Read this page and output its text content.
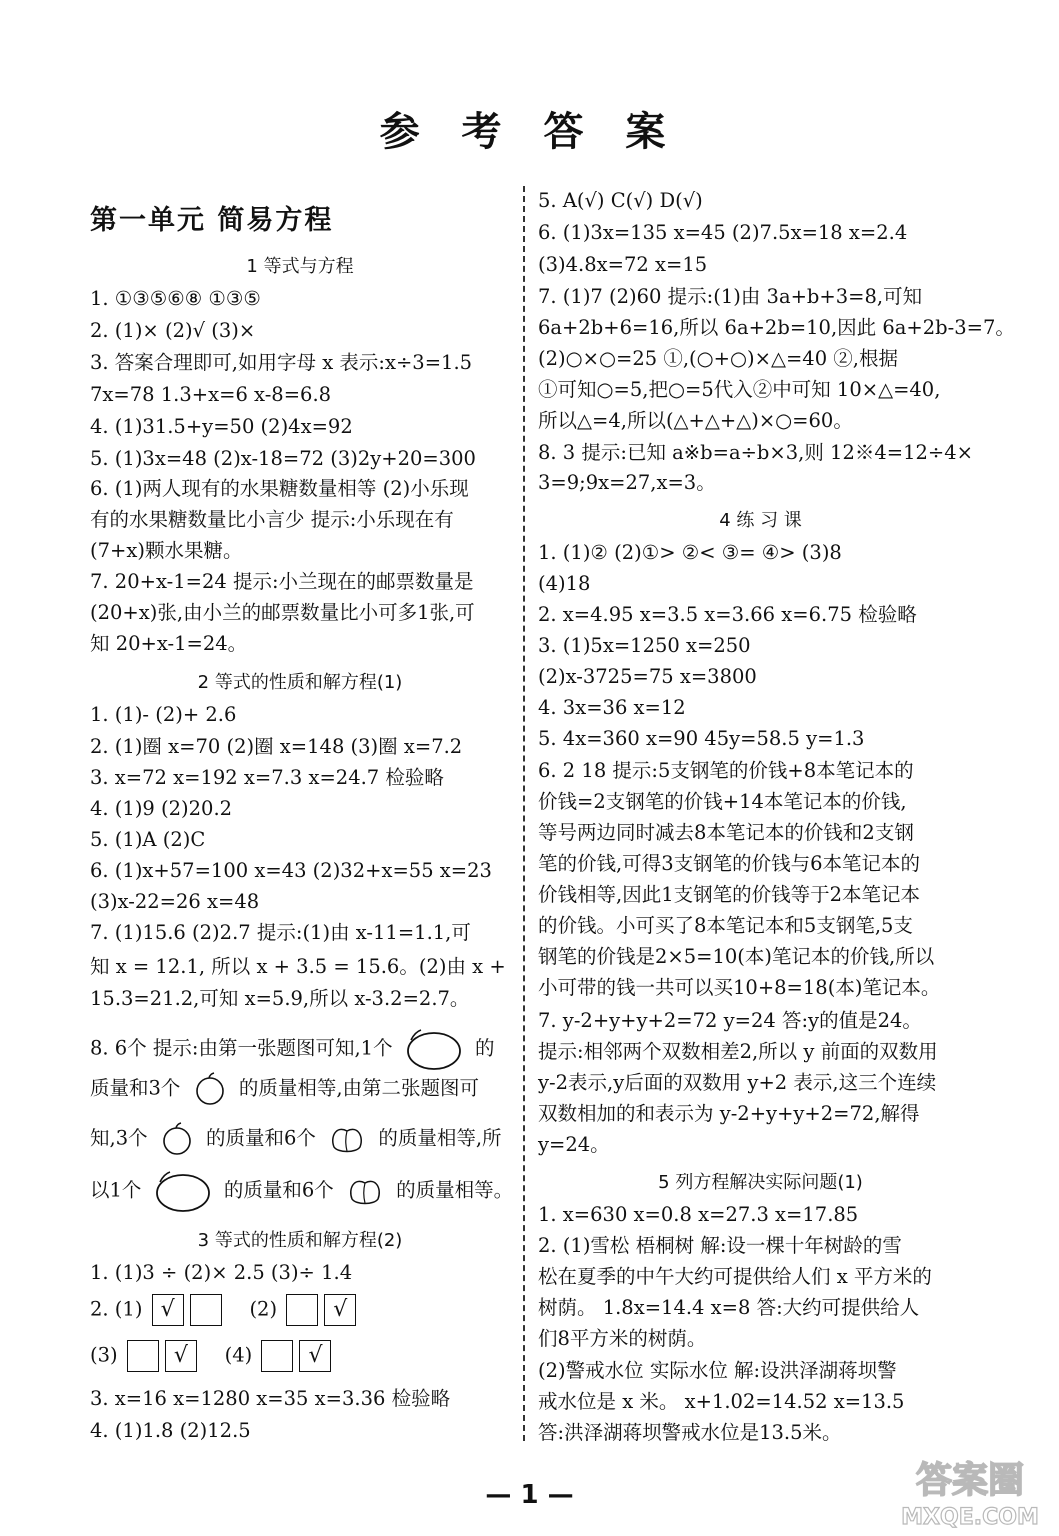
参 考 答 案
第一单元 简易方程
1 等式与方程
1. ①③⑤⑥⑧ ①③⑤
2. (1)× (2)√ (3)×
3. 答案合理即可,如用字母 x 表示:x÷3=1.5
7x=78 1.3+x=6 x-8=6.8
4. (1)31.5+y=50 (2)4x=92
5. (1)3x=48 (2)x-18=72 (3)2y+20=300
6. (1)两人现有的水果糖数量相等 (2)小乐现
有的水果糖数量比小言少 提示:小乐现在有
(7+x)颗水果糖。
7. 20+x-1=24 提示:小兰现在的邮票数量是
(20+x)张,由小兰的邮票数量比小可多1张,可
知 20+x-1=24。
2 等式的性质和解方程(1)
1. (1)- (2)+ 2.6
2. (1)圈 x=70 (2)圈 x=148 (3)圈 x=7.2
3. x=72 x=192 x=7.3 x=24.7 检验略
4. (1)9 (2)20.2
5. (1)A (2)C
6. (1)x+57=100 x=43 (2)32+x=55 x=23
(3)x-22=26 x=48
7. (1)15.6 (2)2.7 提示:(1)由 x-11=1.1,可
知 x = 12.1, 所以 x + 3.5 = 15.6。(2)由 x +
15.3=21.2,可知 x=5.9,所以 x-3.2=2.7。
8. 6个 提示:由第一张题图可知,1个	的
质量和3个	的质量相等,由第二张题图可
知,3个	的质量和6个	的质量相等,所
以1个	的质量和6个	的质量相等。
3 等式的性质和解方程(2)
1. (1)3 ÷ (2)× 2.5 (3)÷ 1.4
2. (1) √	(2)	√
(3)	√ (4)	√
3. x=16 x=1280 x=35 x=3.36 检验略
4. (1)1.8 (2)12.5
5. A(√) C(√) D(√)
6. (1)3x=135 x=45 (2)7.5x=18 x=2.4
(3)4.8x=72 x=15
7. (1)7 (2)60 提示:(1)由 3a+b+3=8,可知
6a+2b+6=16,所以 6a+2b=10,因此 6a+2b-3=7。
(2)○×○=25 ①,(○+○)×△=40 ②,根据
①可知○=5,把○=5代入②中可知 10×△=40,
所以△=4,所以(△+△+△)×○=60。
8. 3 提示:已知 a※b=a÷b×3,则 12※4=12÷4×
3=9;9x=27,x=3。
4 练 习 课
1. (1)② (2)①> ②< ③= ④> (3)8
(4)18
2. x=4.95 x=3.5 x=3.66 x=6.75 检验略
3. (1)5x=1250 x=250
(2)x-3725=75 x=3800
4. 3x=36 x=12
5. 4x=360 x=90 45y=58.5 y=1.3
6. 2 18 提示:5支钢笔的价钱+8本笔记本的
价钱=2支钢笔的价钱+14本笔记本的价钱,
等号两边同时减去8本笔记本的价钱和2支钢
笔的价钱,可得3支钢笔的价钱与6本笔记本的
价钱相等,因此1支钢笔的价钱等于2本笔记本
的价钱。小可买了8本笔记本和5支钢笔,5支
钢笔的价钱是2×5=10(本)笔记本的价钱,所以
小可带的钱一共可以买10+8=18(本)笔记本。
7. y-2+y+y+2=72 y=24 答:y的值是24。
提示:相邻两个双数相差2,所以 y 前面的双数用
y-2表示,y后面的双数用 y+2 表示,这三个连续
双数相加的和表示为 y-2+y+y+2=72,解得
y=24。
5 列方程解决实际问题(1)
1. x=630 x=0.8 x=27.3 x=17.85
2. (1)雪松 梧桐树 解:设一棵十年树龄的雪
松在夏季的中午大约可提供给人们 x 平方米的
树荫。 1.8x=14.4 x=8 答:大约可提供给人
们8平方米的树荫。
(2)警戒水位 实际水位 解:设洪泽湖蒋坝警
戒水位是 x 米。 x+1.02=14.52 x=13.5
答:洪泽湖蒋坝警戒水位是13.5米。
— 1 —	答案圈
MXQE.COM
